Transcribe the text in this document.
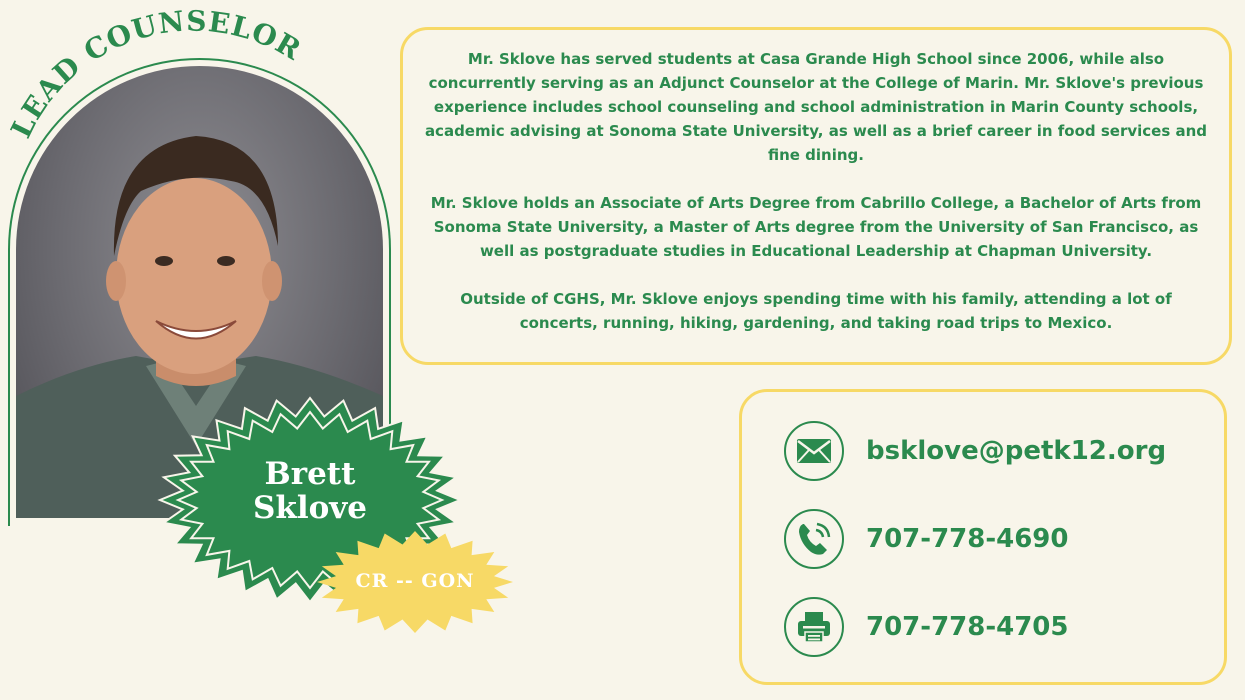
LEAD COUNSELOR
Brett
Sklove
CR -- GON

Mr. Sklove has served students at Casa Grande High School since 2006, while also concurrently serving as an Adjunct Counselor at the College of Marin. Mr. Sklove's previous experience includes school counseling and school administration in Marin County schools, academic advising at Sonoma State University, as well as a brief career in food services and fine dining.

Mr. Sklove holds an Associate of Arts Degree from Cabrillo College, a Bachelor of Arts from Sonoma State University, a Master of Arts degree from the University of San Francisco, as well as postgraduate studies in Educational Leadership at Chapman University.

Outside of CGHS, Mr. Sklove enjoys spending time with his family, attending a lot of concerts, running, hiking, gardening, and taking road trips to Mexico.

bsklove@petk12.org
707-778-4690
707-778-4705
